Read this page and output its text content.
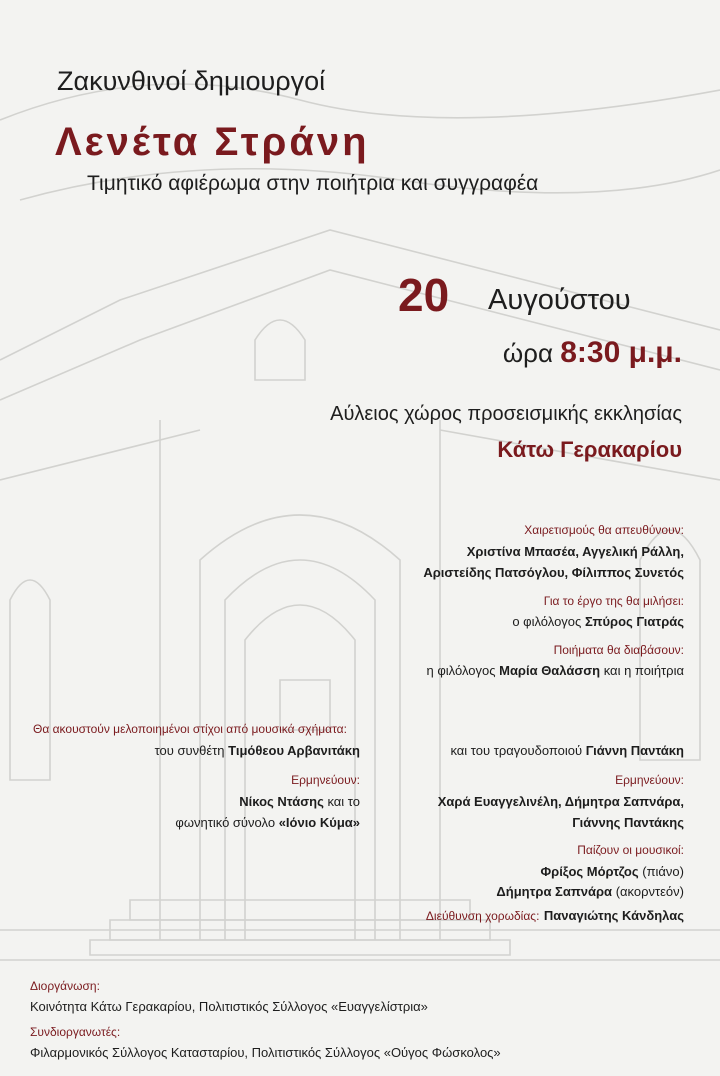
Ζακυνθινοί δημιουργοί
Λενέτα Στράνη
Τιμητικό αφιέρωμα στην ποιήτρια και συγγραφέα
20 Αυγούστου
ώρα 8:30 μ.μ.
Αύλειος χώρος προσεισμικής εκκλησίας
Κάτω Γερακαρίου
Χαιρετισμούς θα απευθύνουν:
Χριστίνα Μπασέα, Αγγελική Ράλλη,
Αριστείδης Πατσόγλου, Φίλιππος Συνετός
Για το έργο της θα μιλήσει:
ο φιλόλογος Σπύρος Γιατράς
Ποιήματα θα διαβάσουν:
η φιλόλογος Μαρία Θαλάσση και η ποιήτρια
Θα ακουστούν μελοποιημένοι στίχοι από μουσικά σχήματα:
του συνθέτη Τιμόθεου Αρβανιτάκη
Ερμηνεύουν:
Νίκος Ντάσης και το
φωνητικό σύνολο «Ιόνιο Κύμα»
και του τραγουδοποιού Γιάννη Παντάκη
Ερμηνεύουν:
Χαρά Ευαγγελινέλη, Δήμητρα Σαπνάρα,
Γιάννης Παντάκης
Παίζουν οι μουσικοί:
Φρίξος Μόρτζος (πιάνο)
Δήμητρα Σαπνάρα (ακορντεόν)
Διεύθυνση χορωδίας: Παναγιώτης Κάνδηλας
Διοργάνωση:
Κοινότητα Κάτω Γερακαρίου, Πολιτιστικός Σύλλογος «Ευαγγελίστρια»
Συνδιοργανωτές:
Φιλαρμονικός Σύλλογος Κατασταρίου, Πολιτιστικός Σύλλογος «Ούγος Φώσκολος»
